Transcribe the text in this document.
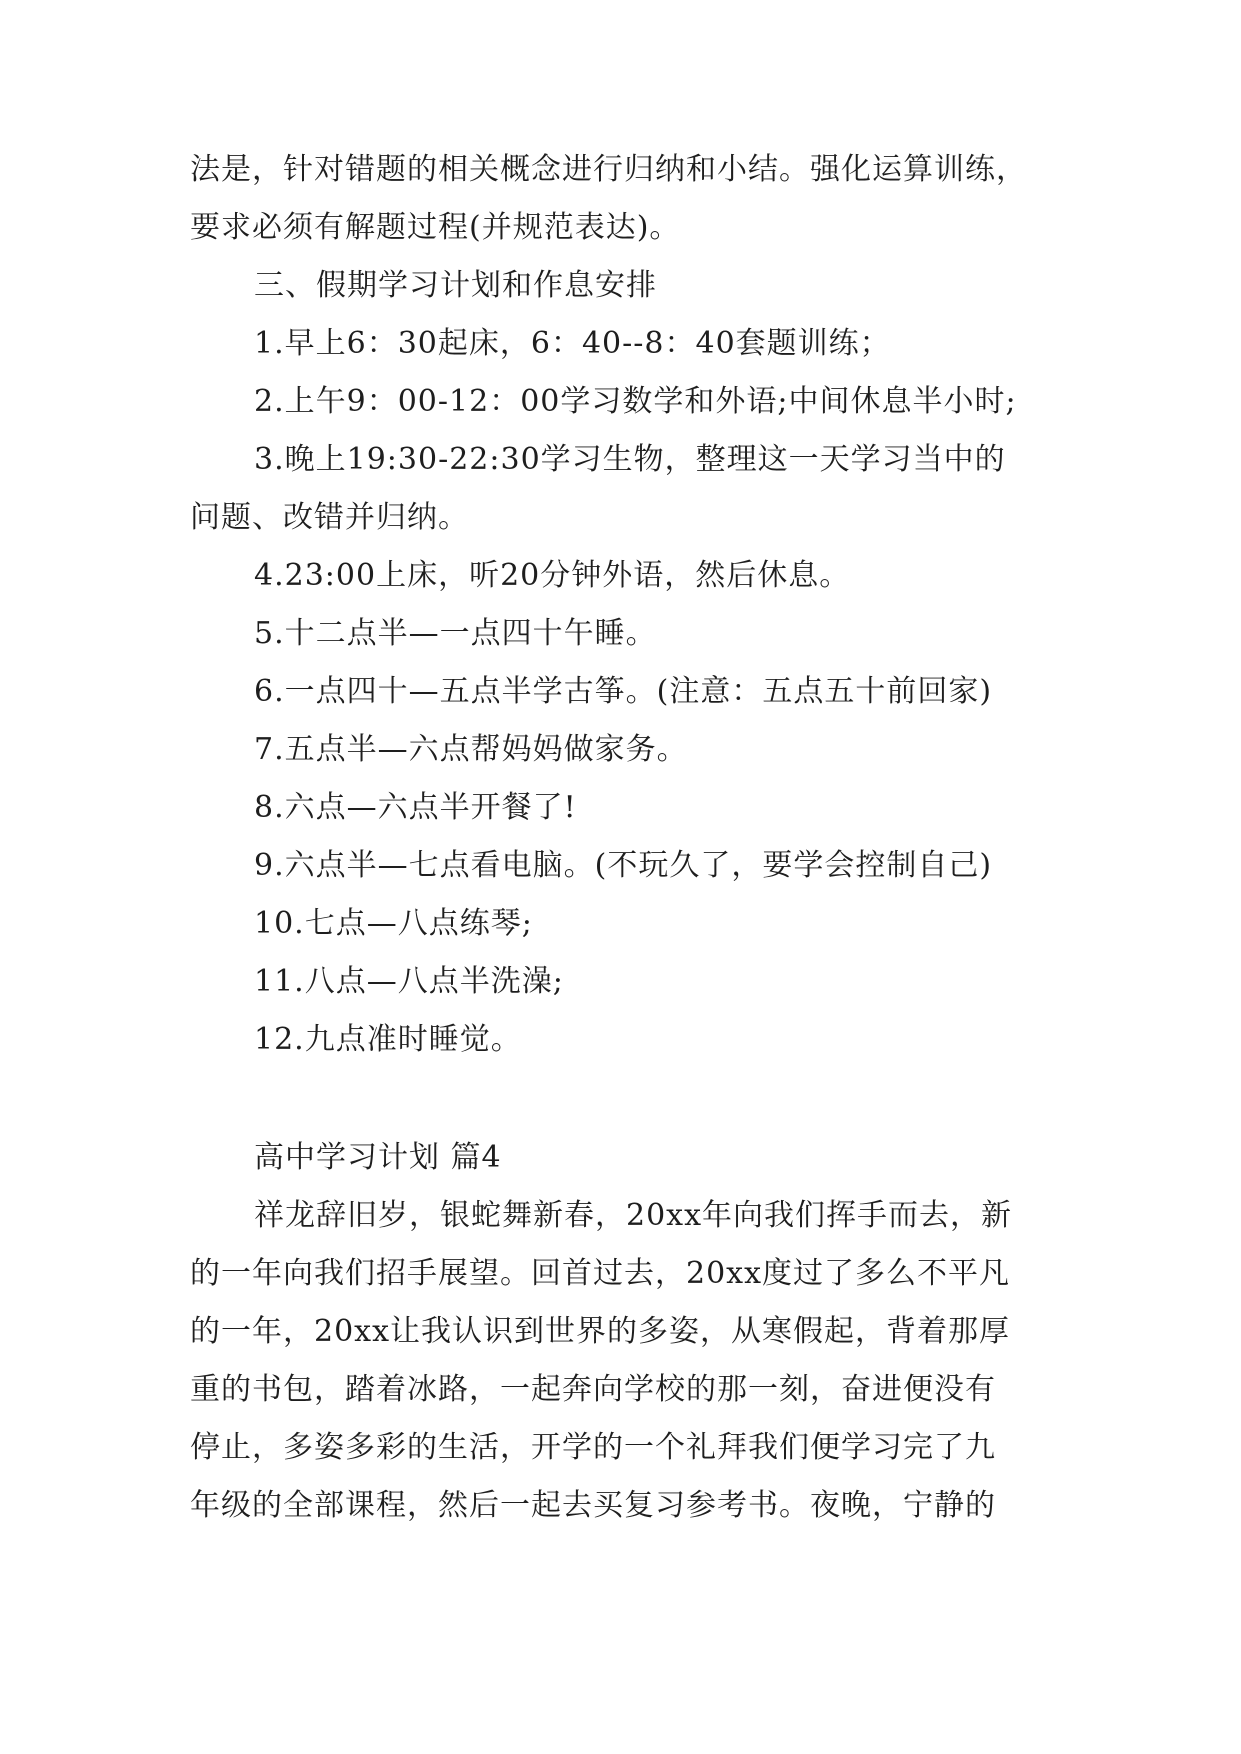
法是，针对错题的相关概念进行归纳和小结。强化运算训练，
要求必须有解题过程(并规范表达)。
三、假期学习计划和作息安排
1.早上6：30起床，6：40--8：40套题训练；
2.上午9：00-12：00学习数学和外语;中间休息半小时;
3.晚上19:30-22:30学习生物，整理这一天学习当中的
问题、改错并归纳。
4.23:00上床，听20分钟外语，然后休息。
5.十二点半—一点四十午睡。
6.一点四十—五点半学古筝。(注意：五点五十前回家)
7.五点半—六点帮妈妈做家务。
8.六点—六点半开餐了!
9.六点半—七点看电脑。(不玩久了，要学会控制自己)
10.七点—八点练琴;
11.八点—八点半洗澡;
12.九点准时睡觉。
高中学习计划 篇4
祥龙辞旧岁，银蛇舞新春，20xx年向我们挥手而去，新
的一年向我们招手展望。回首过去，20xx度过了多么不平凡
的一年，20xx让我认识到世界的多姿，从寒假起，背着那厚
重的书包，踏着冰路，一起奔向学校的那一刻，奋进便没有
停止，多姿多彩的生活，开学的一个礼拜我们便学习完了九
年级的全部课程，然后一起去买复习参考书。夜晚，宁静的
